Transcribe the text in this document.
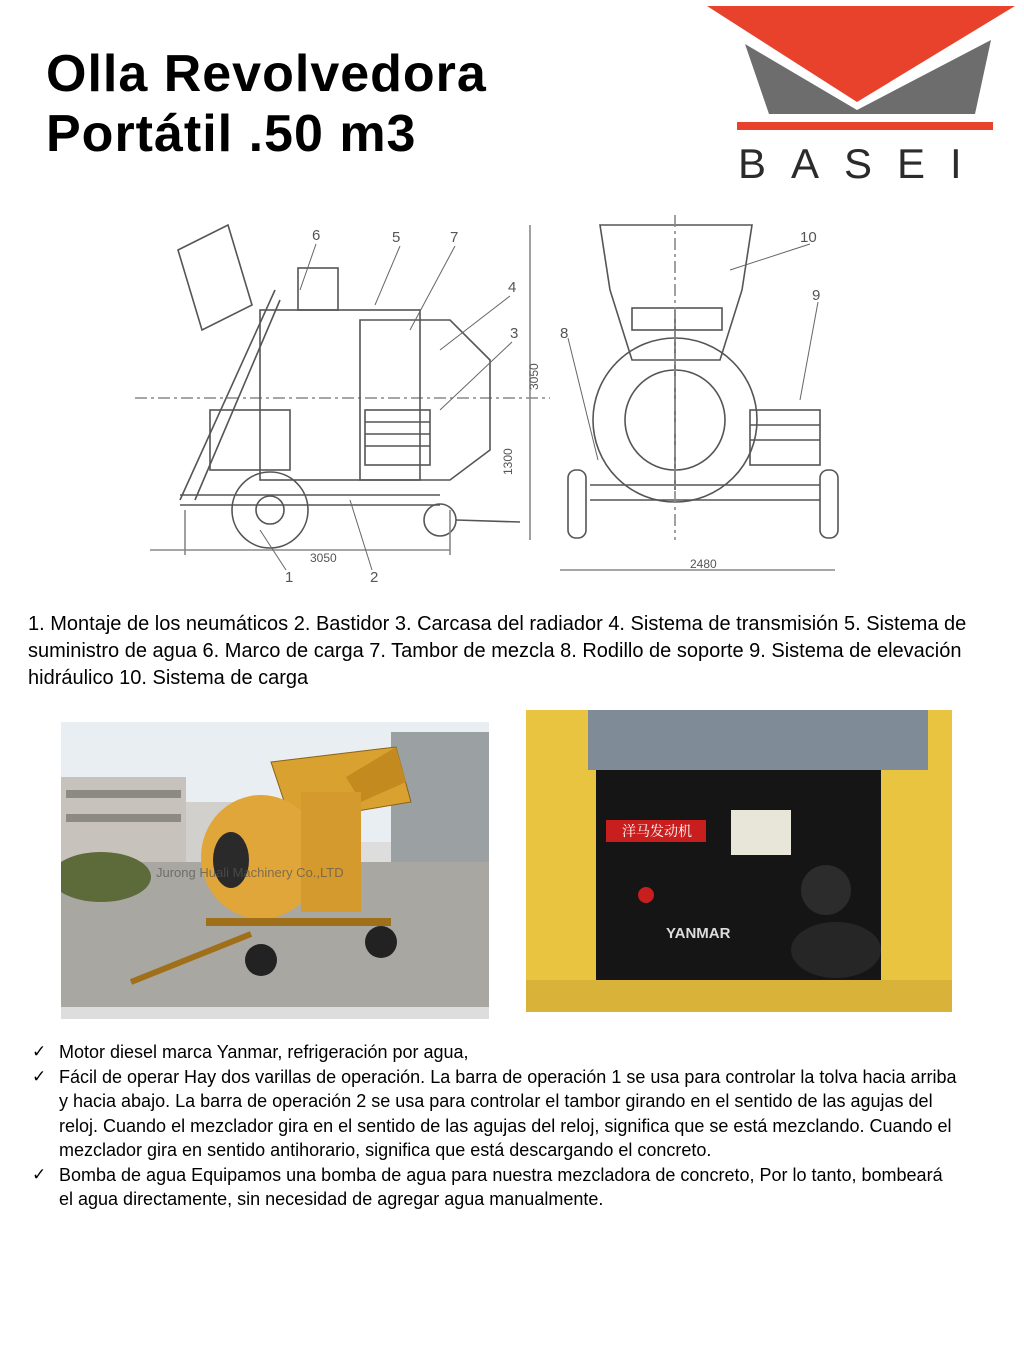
Olla Revolvedora
Portátil .50 m3
BASEI
3050
3050
1300
6	5	7
4
3
1	2
2480
10
9
8

1. Montaje de los neumáticos 2. Bastidor 3. Carcasa del radiador 4. Sistema de transmisión 5. Sistema de suministro de agua 6. Marco de carga 7. Tambor de mezcla 8. Rodillo de soporte 9. Sistema de elevación hidráulico 10. Sistema de carga

Jurong Huali Machinery Co.,LTD
洋马发动机
YANMAR
✓ Motor diesel marca Yanmar, refrigeración por agua,
✓ Fácil de operar Hay dos varillas de operación. La barra de operación 1 se usa para controlar la tolva hacia arriba y hacia abajo. La barra de operación 2 se usa para controlar el tambor girando en el sentido de las agujas del reloj. Cuando el mezclador gira en el sentido de las agujas del reloj, significa que se está mezclando. Cuando el mezclador gira en sentido antihorario, significa que está descargando el concreto.
✓ Bomba de agua Equipamos una bomba de agua para nuestra mezcladora de concreto, Por lo tanto, bombeará el agua directamente, sin necesidad de agregar agua manualmente.
